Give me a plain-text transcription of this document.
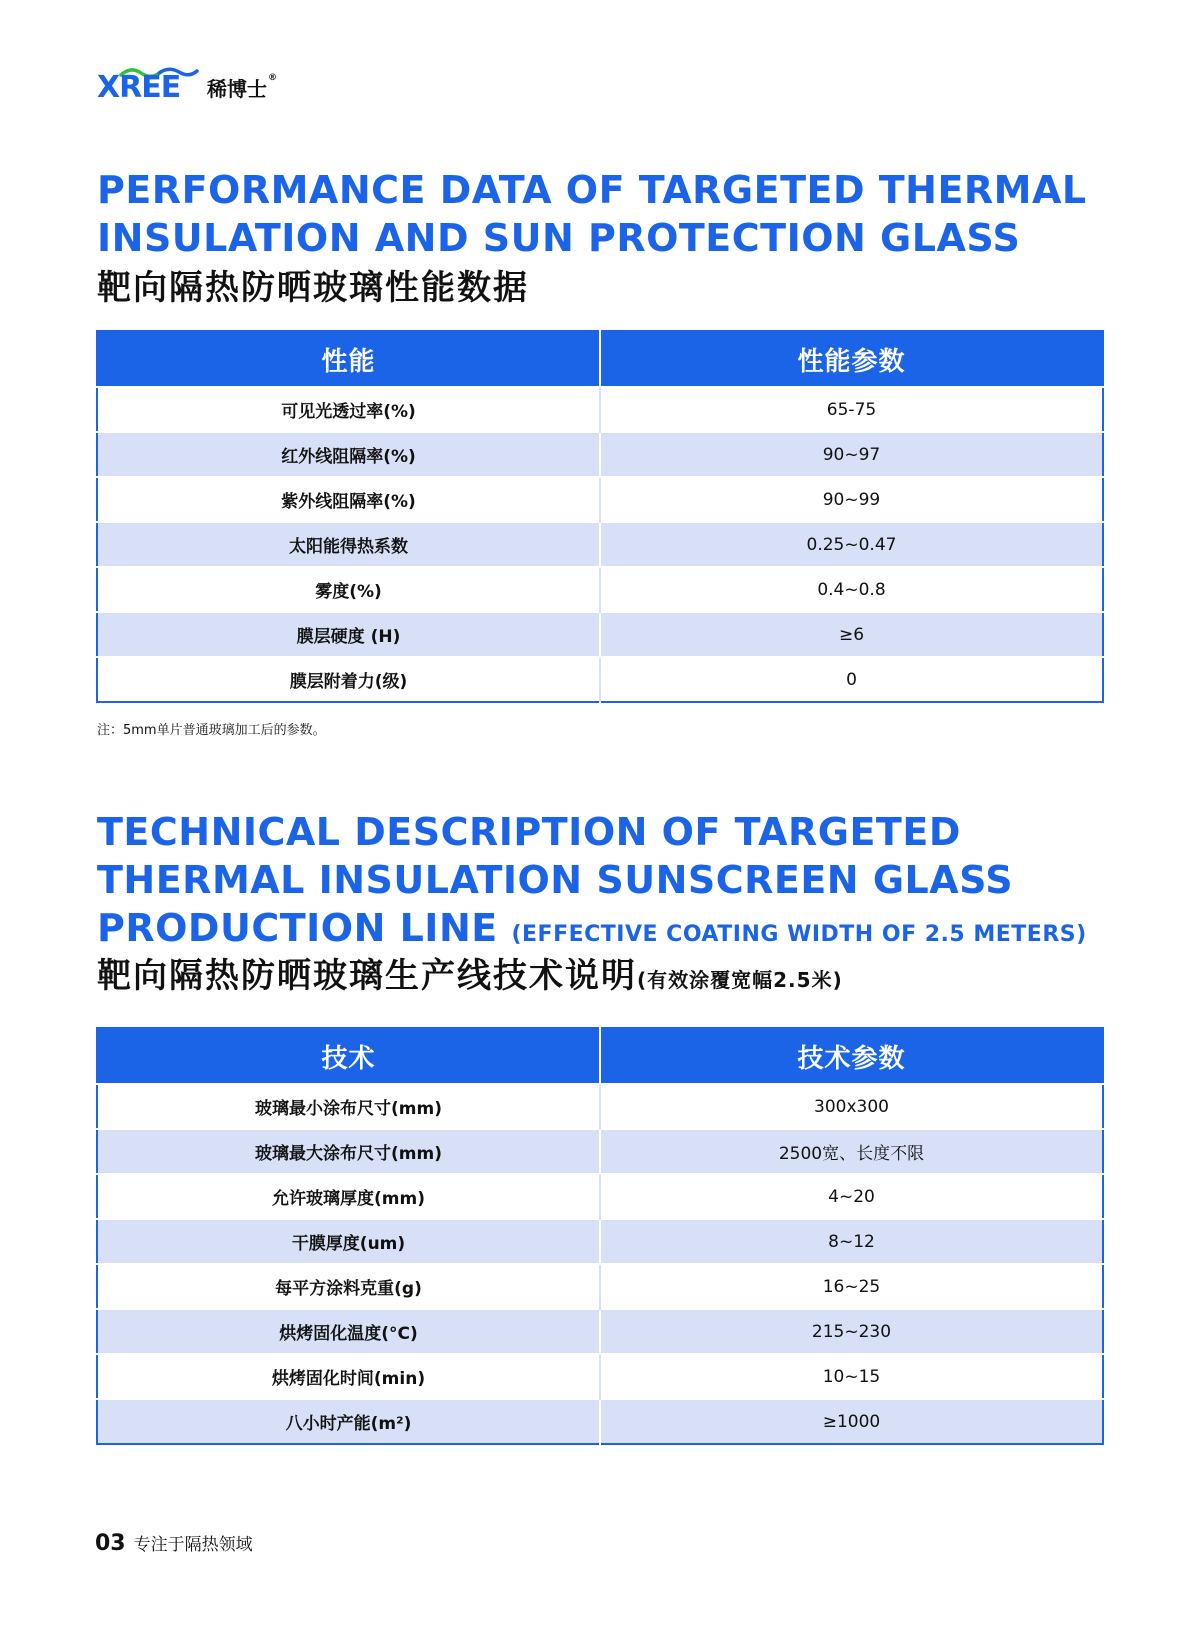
XREE 稀博士®
PERFORMANCE DATA OF TARGETED THERMAL
INSULATION AND SUN PROTECTION GLASS
靶向隔热防晒玻璃性能数据
性能	性能参数
可见光透过率(%)	65-75
红外线阻隔率(%)	90~97
紫外线阻隔率(%)	90~99
太阳能得热系数	0.25~0.47
雾度(%)	0.4~0.8
膜层硬度 (H)	≥6
膜层附着力(级)	0
注：5mm单片普通玻璃加工后的参数。
TECHNICAL DESCRIPTION OF TARGETED
THERMAL INSULATION SUNSCREEN GLASS
PRODUCTION LINE (EFFECTIVE COATING WIDTH OF 2.5 METERS)
靶向隔热防晒玻璃生产线技术说明(有效涂覆宽幅2.5米)
技术	技术参数
玻璃最小涂布尺寸(mm)	300x300
玻璃最大涂布尺寸(mm)	2500宽、长度不限
允许玻璃厚度(mm)	4~20
干膜厚度(um)	8~12
每平方涂料克重(g)	16~25
烘烤固化温度(°C)	215~230
烘烤固化时间(min)	10~15
八小时产能(m²)	≥1000
03 专注于隔热领域
